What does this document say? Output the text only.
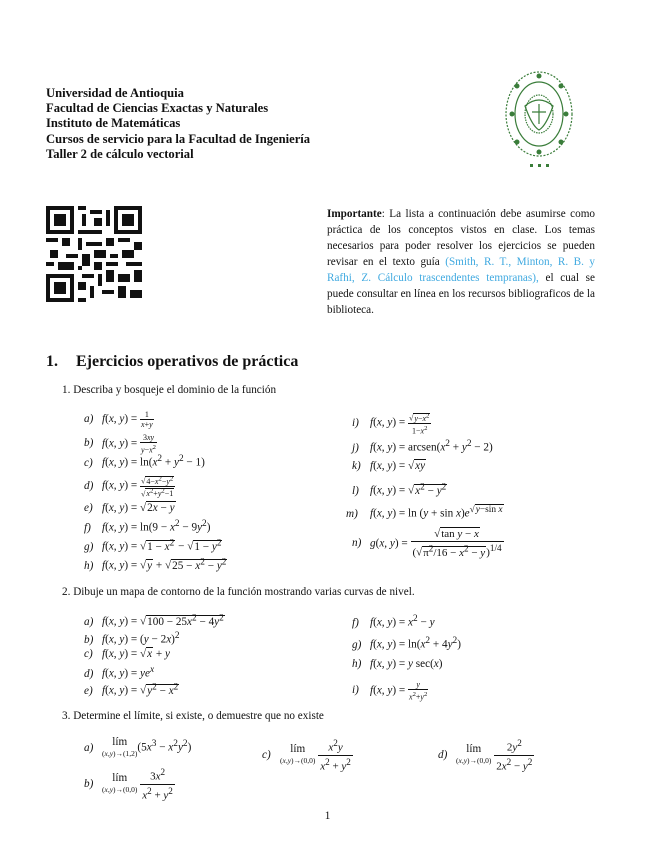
Universidad de Antioquia
Facultad de Ciencias Exactas y Naturales
Instituto de Matemáticas
Cursos de servicio para la Facultad de Ingeniería
Taller 2 de cálculo vectorial
Importante: La lista a continuación debe asumirse como práctica de los conceptos vistos en clase. Los temas necesarios para poder resolver los ejercicios se pueden revisar en el texto guía (Smith, R. T., Minton, R. B. y Rafhi, Z. Cálculo trascendentes tempranas), el cual se puede consultar en línea en los recursos bibliograficos de la biblioteca.
1. Ejercicios operativos de práctica
1. Describa y bosqueje el dominio de la función
a) f(x, $y) = \frac{1}{x+y}$
b) f(x, $y) = \frac{3xy}{y-x^2}$
c) f(x, $y) = \ln(x^2 + y^2 - 1)$
d) f(x, $y) = \frac{√4-x^2-y^2}{√x^2+y^2-1}$
e) f(x, y) = √2x − y
f) f(x, $y) = \ln(9 - x^2 - 9y^2)$
g) f(x, $y) = √1 - x^2 - √1 - y^2$
h) f(x, $y) = √y + √25 - x^2 - y^2$
i) f(x, $y) = \frac{√y-x^2}{1-x^2}$
j) f(x, $y) = arcsen(x^2 + y^2 - 2)$
k) f(x, y) = √xy
l) f(x, $y) = √x^2 - y^2$
m) f(x, $y) = \ln (y + \sin x)e^{√y-sin x}$
n) g(x, $y) = \frac{\text{√tan y − x}}{(√\pi^2/16 - x^2 - y)^{1/4}}$
2. Dibuje un mapa de contorno de la función mostrando varias curvas de nivel.
a) f(x, $y) = √100 - 25x^2 - 4y^2$
b) f(x, $y) = (y - 2x)^2$
c) f(x, y) = √x + y
d) f(x, $y) = ye^x$
e) f(x, $y) = √y^2 - x^2$
f) f(x, $y) = x^2 - y$
g) f(x, $y) = \ln(x^2 + 4y^2)$
h) f(x, y) = y sec(x)
i) f(x, $y) = \frac{y}{x^2+y^2}$
3. Determine el límite, si existe, o demuestre que no existe
a)	lím
(x,y)→(1,2) $(5x^3 - x^2y^2)$
c)	lím
(x,y)→(0,0)
$\frac{x^2y}{x^2 + y^2}$	d)	lím
(x,y)→(0,0)
$\frac{2y^2}{2x^2 - y^2}$
b)	lím
(x,y)→(0,0)
$\frac{3x^2}{x^2 + y^2}$
1
